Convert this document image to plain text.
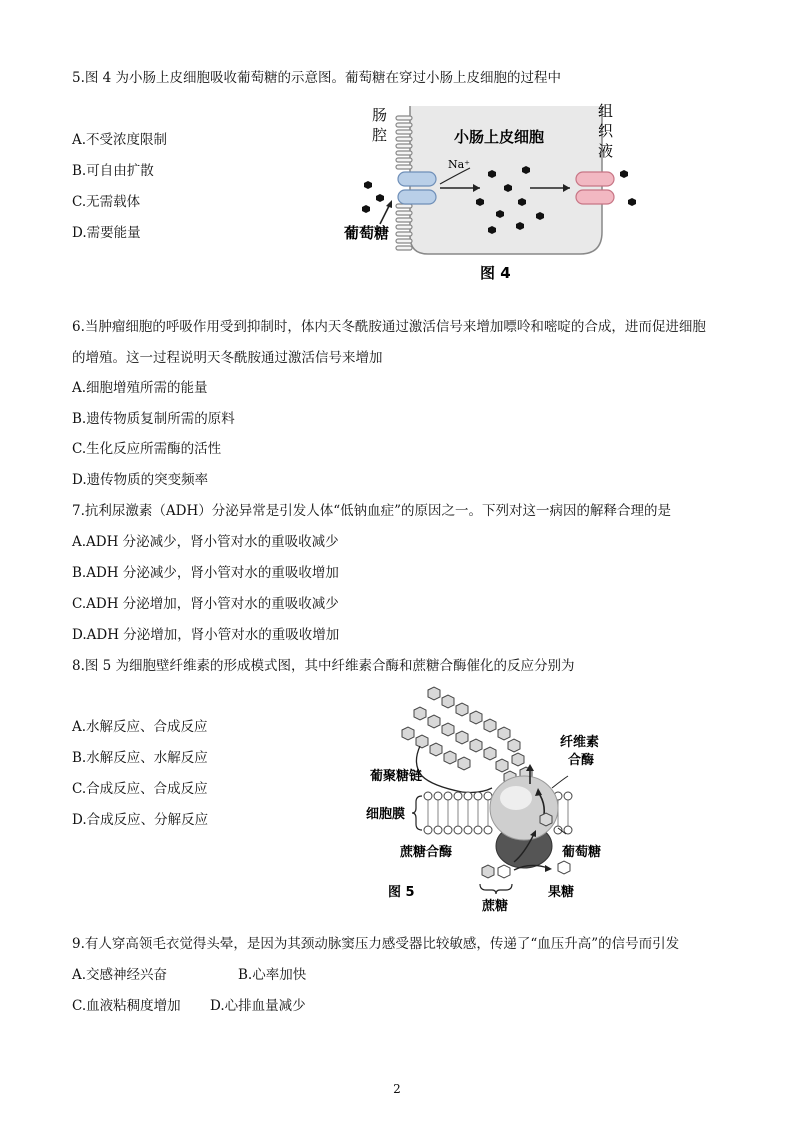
5.图 4 为小肠上皮细胞吸收葡萄糖的示意图。葡萄糖在穿过小肠上皮细胞的过程中
A.不受浓度限制
B.可自由扩散
C.无需载体
D.需要能量
肠
腔	小肠上皮细胞
组
织
液
Na⁺
葡萄糖
图 4
6.当肿瘤细胞的呼吸作用受到抑制时，体内天冬酰胺通过激活信号来增加嘌呤和嘧啶的合成，进而促进细胞
的增殖。这一过程说明天冬酰胺通过激活信号来增加
A.细胞增殖所需的能量
B.遗传物质复制所需的原料
C.生化反应所需酶的活性
D.遗传物质的突变频率
7.抗利尿激素（ADH）分泌异常是引发人体“低钠血症”的原因之一。下列对这一病因的解释合理的是
A.ADH 分泌减少，肾小管对水的重吸收减少
B.ADH 分泌减少，肾小管对水的重吸收增加
C.ADH 分泌增加，肾小管对水的重吸收减少
D.ADH 分泌增加，肾小管对水的重吸收增加
8.图 5 为细胞壁纤维素的形成模式图，其中纤维素合酶和蔗糖合酶催化的反应分别为
A.水解反应、合成反应
B.水解反应、水解反应
C.合成反应、合成反应
D.合成反应、分解反应
纤维素
合酶
葡聚糖链
细胞膜
蔗糖合酶	葡萄糖
果糖
蔗糖
图 5
9.有人穿高领毛衣觉得头晕，是因为其颈动脉窦压力感受器比较敏感，传递了“血压升高”的信号而引发
A.交感神经兴奋	B.心率加快
C.血液粘稠度增加 D.心排血量减少
2
